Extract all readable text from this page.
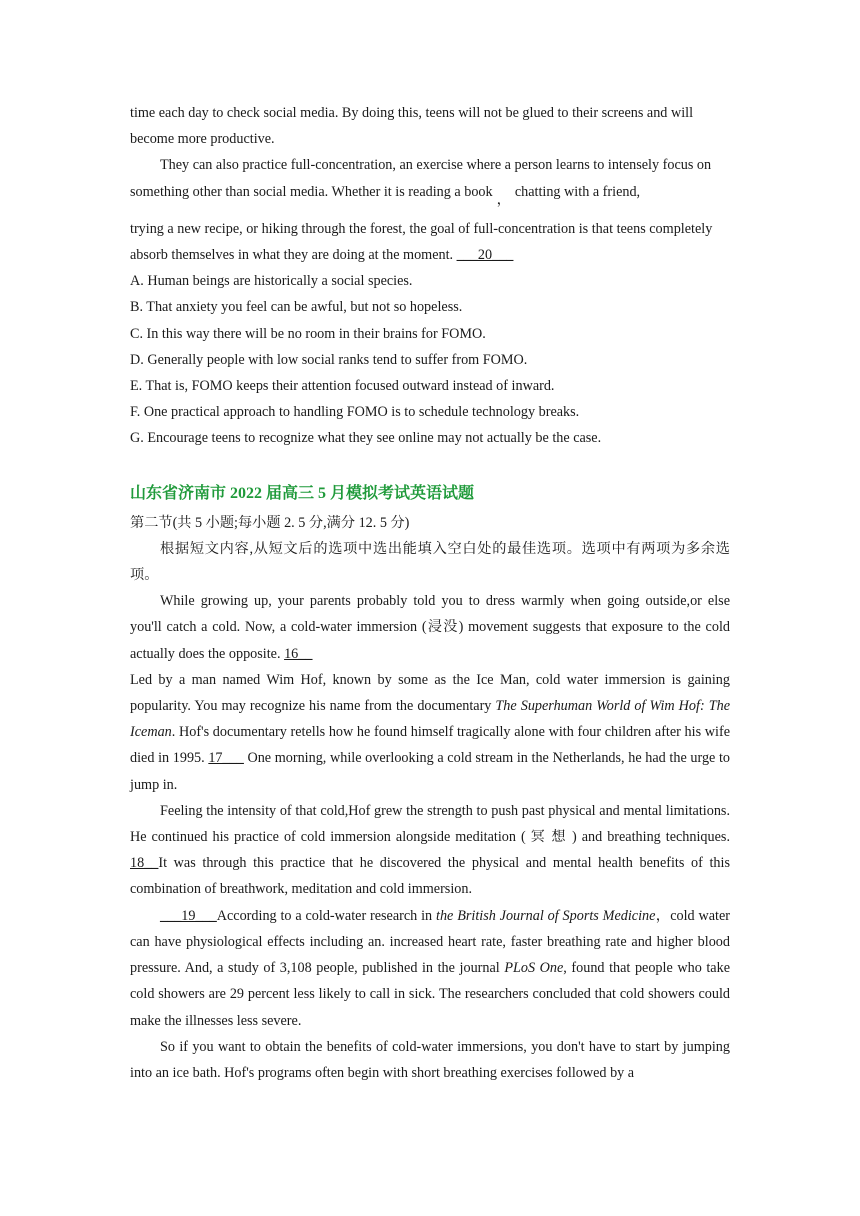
time each day to check social media. By doing this, teens will not be glued to their screens and will become more productive.

They can also practice full-concentration, an exercise where a person learns to intensely focus on something other than social media. Whether it is reading a book ， chatting with a friend,

trying a new recipe, or hiking through the forest, the goal of full-concentration is that teens completely absorb themselves in what they are doing at the moment. ___20___

A. Human beings are historically a social species.

B. That anxiety you feel can be awful, but not so hopeless.

C. In this way there will be no room in their brains for FOMO.

D. Generally people with low social ranks tend to suffer from FOMO.

E. That is, FOMO keeps their attention focused outward instead of inward.

F. One practical approach to handling FOMO is to schedule technology breaks.

G. Encourage teens to recognize what they see online may not actually be the case.

山东省济南市 2022 届高三 5 月模拟考试英语试题

第二节(共 5 小题;每小题 2. 5 分,满分 12. 5 分)

根据短文内容,从短文后的选项中选出能填入空白处的最佳选项。选项中有两项为多余选项。

While growing up, your parents probably told you to dress warmly when going outside,or else you'll catch a cold. Now, a cold-water immersion (浸没) movement suggests that exposure to the cold actually does the opposite. 16__

Led by a man named Wim Hof, known by some as the Ice Man, cold water immersion is gaining popularity. You may recognize his name from the documentary The Superhuman World of Wim Hof: The Iceman. Hof's documentary retells how he found himself tragically alone with four children after his wife died in 1995. 17___ One morning, while overlooking a cold stream in the Netherlands, he had the urge to jump in.

Feeling the intensity of that cold,Hof grew the strength to push past physical and mental limitations. He continued his practice of cold immersion alongside meditation ( 冥 想 ) and breathing techniques. 18__It was through this practice that he discovered the physical and mental health benefits of this combination of breathwork, meditation and cold immersion.

___19___According to a cold-water research in the British Journal of Sports Medicine，cold water can have physiological effects including an. increased heart rate, faster breathing rate and higher blood pressure. And, a study of 3,108 people, published in the journal PLoS One, found that people who take cold showers are 29 percent less likely to call in sick. The researchers concluded that cold showers could make the illnesses less severe.

So if you want to obtain the benefits of cold-water immersions, you don't have to start by jumping into an ice bath. Hof's programs often begin with short breathing exercises followed by a
